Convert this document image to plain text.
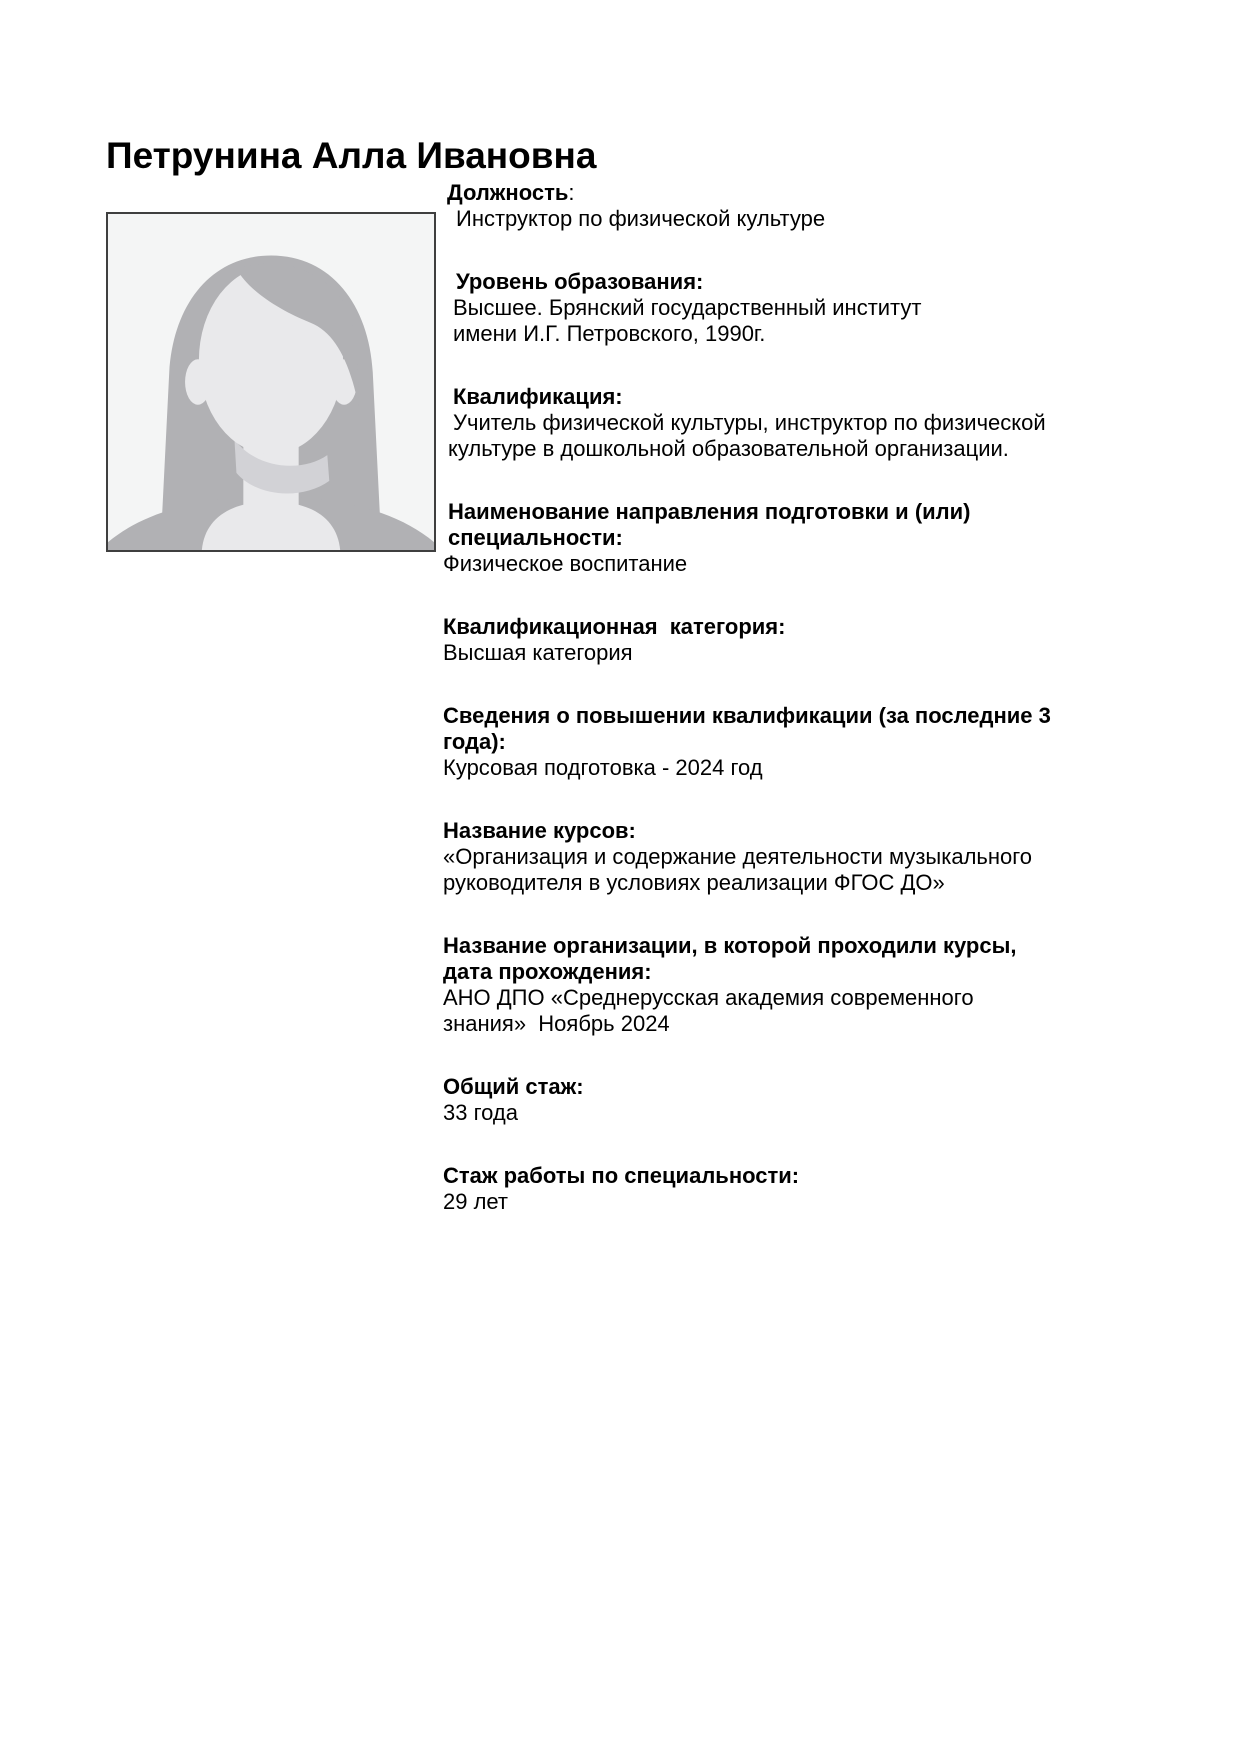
Петрунина Алла Ивановна
Должность:
Инструктор по физической культуре
Уровень образования:
Высшее. Брянский государственный институт
имени И.Г. Петровского, 1990г.
Квалификация:
Учитель физической культуры, инструктор по физической
культуре в дошкольной образовательной организации.
Наименование направления подготовки и (или)
специальности:
Физическое воспитание
Квалификационная  категория:
Высшая категория
Сведения о повышении квалификации (за последние 3
года):
Курсовая подготовка - 2024 год
Название курсов:
«Организация и содержание деятельности музыкального
руководителя в условиях реализации ФГОС ДО»
Название организации, в которой проходили курсы,
дата прохождения:
АНО ДПО «Среднерусская академия современного
знания»  Ноябрь 2024
Общий стаж:
33 года
Стаж работы по специальности:
29 лет
